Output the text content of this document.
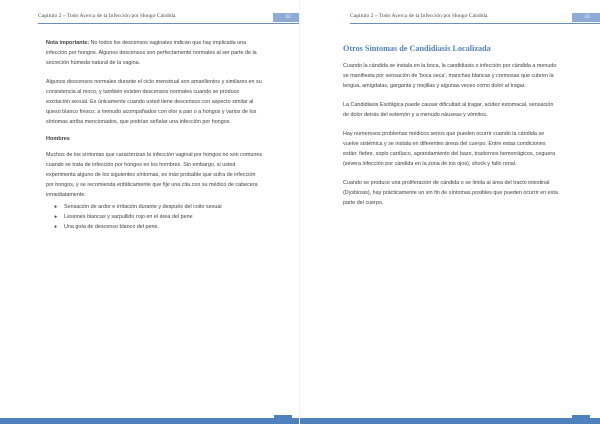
Capitulo 2 – Todo Acerca de la Infección por Hongo Cándida	32

Nota importante: No todos los descensos vaginales indican que hay implicada una infección por hongos. Algunos descensos son perfectamente normales al ser parte de la secreción húmeda natural de la vagina.

Algunos descensos normales durante el ciclo menstrual son amarillentos y similares en su consistencia al moco, y también existen descensos normales cuando se produce excitación sexual. Es únicamente cuando usted tiene descensos con aspecto similar al queso blanco fresco, a menudo acompañados con olor a pan o a hongos y varios de los síntomas arriba mencionados, que podrían señalar una infección por hongos.

Hombres

Muchos de los síntomas que caracterizan la infección vaginal por hongos no son comunes cuando se trata de infección por hongos en los hombres. Sin embargo, si usted experimenta alguno de los siguientes síntomas, es más probable que sufra de infección por hongos, y se recomienda enfáticamente que fije una cita con su médico de cabecera inmediatamente.

● Sensación de ardor e irritación durante y después del coito sexual
● Lesiones blancas y sarpullido rojo en el área del pene
● Una gota de descenso blanco del pene.
Capitulo 2 – Todo Acerca de la Infección por Hongo Cándida	33
Otros Síntomas de Candidiasis Localizada

Cuando la cándida se instala en la boca, la candidiasis o infección por cándida a menudo se manifiesta por sensación de 'boca seca', manchas blancas y cremosas que cubren la lengua, amígdalas, garganta y mejillas y algunas veces como dolor al tragar.

La Candidiasis Esofágica puede causar dificultad al tragar, acidez estomacal, sensación de dolor detrás del esternón y a menudo náuseas y vómitos.

Hay numerosos problemas médicos serios que pueden ocurrir cuando la cándida se vuelve sistémica y se instala en diferentes áreas del cuerpo. Entre estas condiciones están: fiebre, soplo cardíaco, agrandamiento del bazo, trastornos hemorrágicos, ceguera (severa infección por cándida en la zona de los ojos), shock y fallo renal.

Cuando se produce una proliferación de cándida o se limita al área del tracto intestinal (Dysbiosis), hay prácticamente un sin fin de síntomas posibles que pueden ocurrir en esta parte del cuerpo.
